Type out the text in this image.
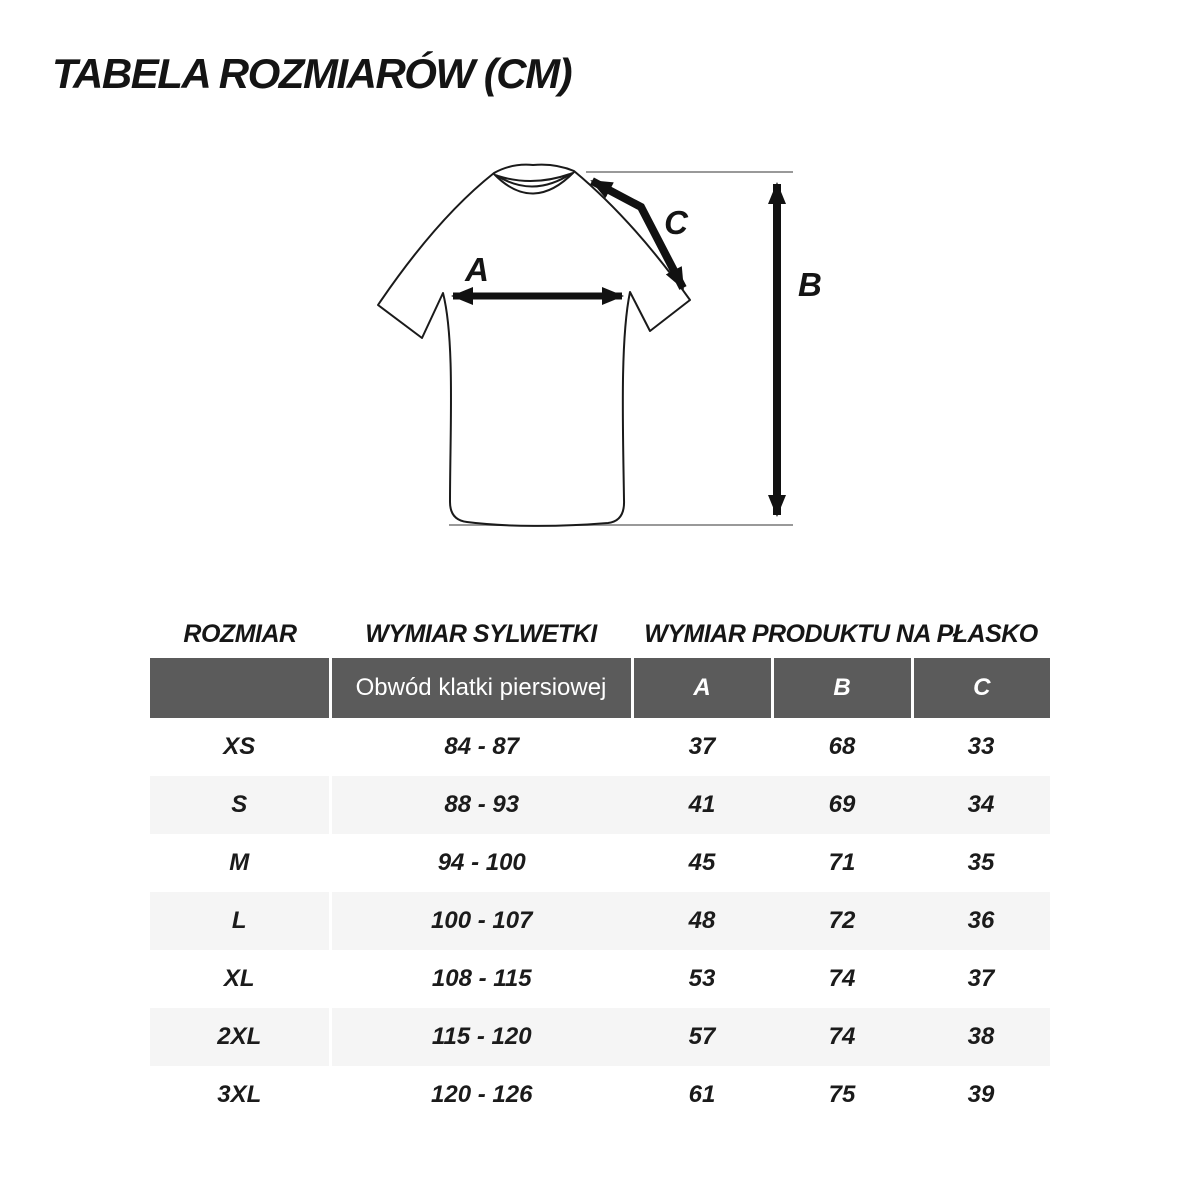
TABELA ROZMIARÓW (CM)
A
C
B
ROZMIAR	WYMIAR SYLWETKI	WYMIAR PRODUKTU NA PŁASKO
	Obwód klatki piersiowej	A	B	C
XS	84 - 87	37	68	33
S	88 - 93	41	69	34
M	94 - 100	45	71	35
L	100 - 107	48	72	36
XL	108 - 115	53	74	37
2XL	115 - 120	57	74	38
3XL	120 - 126	61	75	39
